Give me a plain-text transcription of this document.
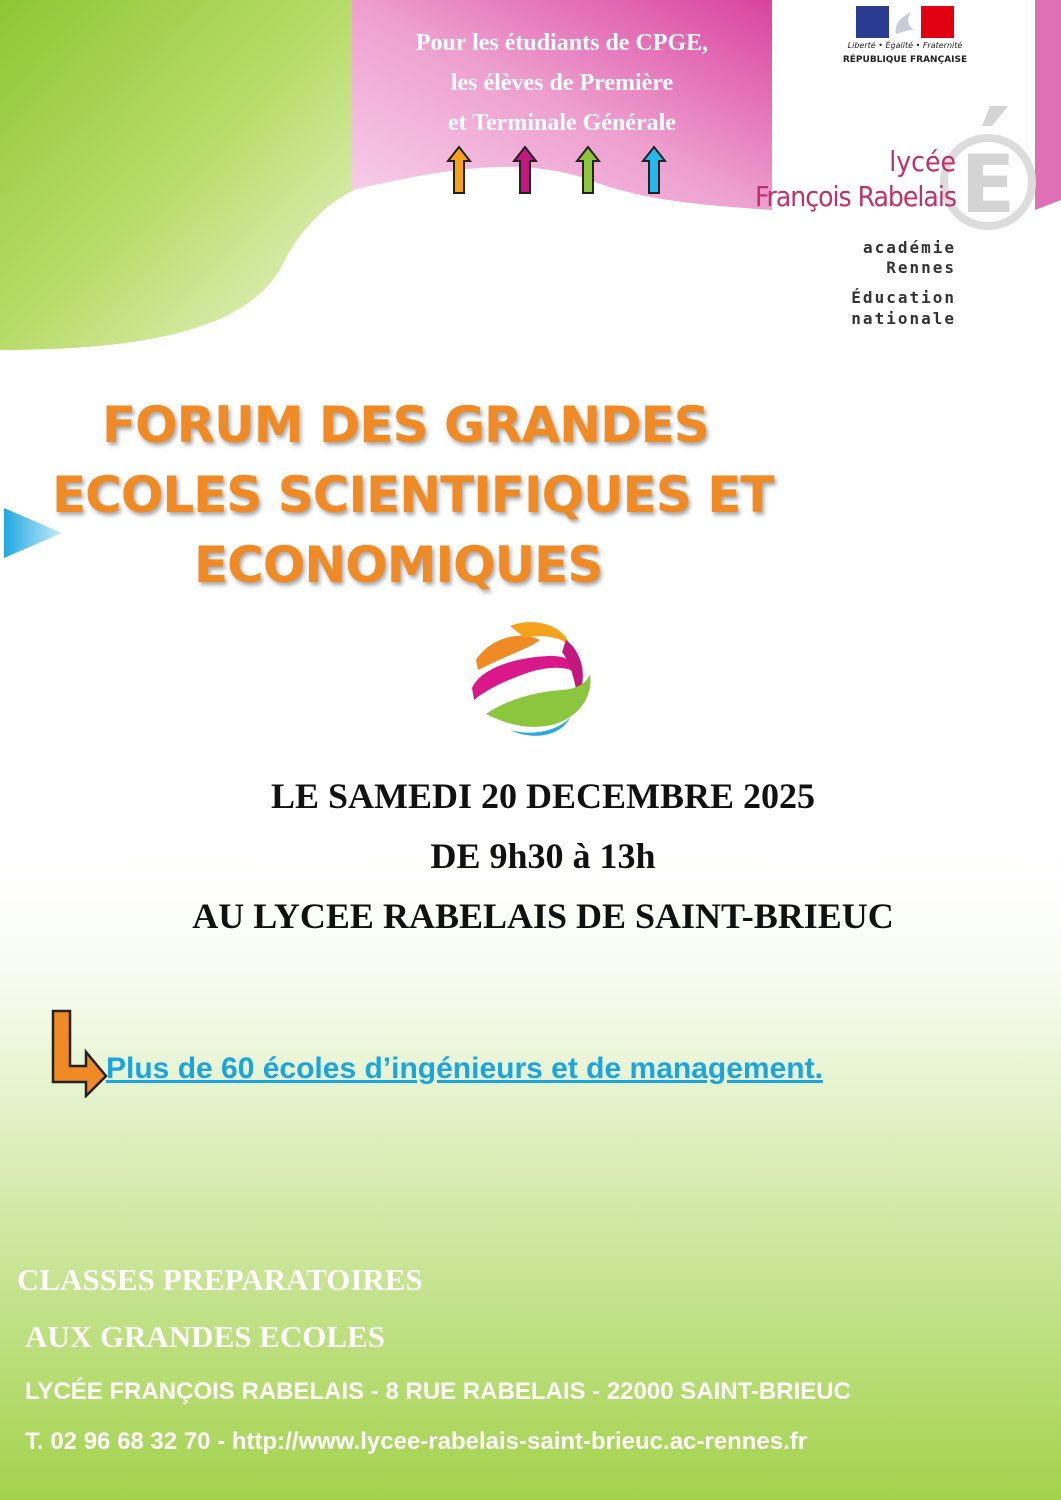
Pour les étudiants de CPGE,
les élèves de Première
et Terminale Générale
Liberté • Égalité • Fraternité
RÉPUBLIQUE FRANÇAISE
E
lycée
François Rabelais
académie
Rennes
Éducation
nationale
FORUM DES GRANDES
ECOLES SCIENTIFIQUES ET
ECONOMIQUES
LE SAMEDI 20 DECEMBRE 2025
DE 9h30 à 13h
AU LYCEE RABELAIS DE SAINT-BRIEUC
Plus de 60 écoles d’ingénieurs et de management.
CLASSES PREPARATOIRES
AUX GRANDES ECOLES
LYCÉE FRANÇOIS RABELAIS - 8 RUE RABELAIS - 22000 SAINT-BRIEUC
T. 02 96 68 32 70 - http://www.lycee-rabelais-saint-brieuc.ac-rennes.fr
